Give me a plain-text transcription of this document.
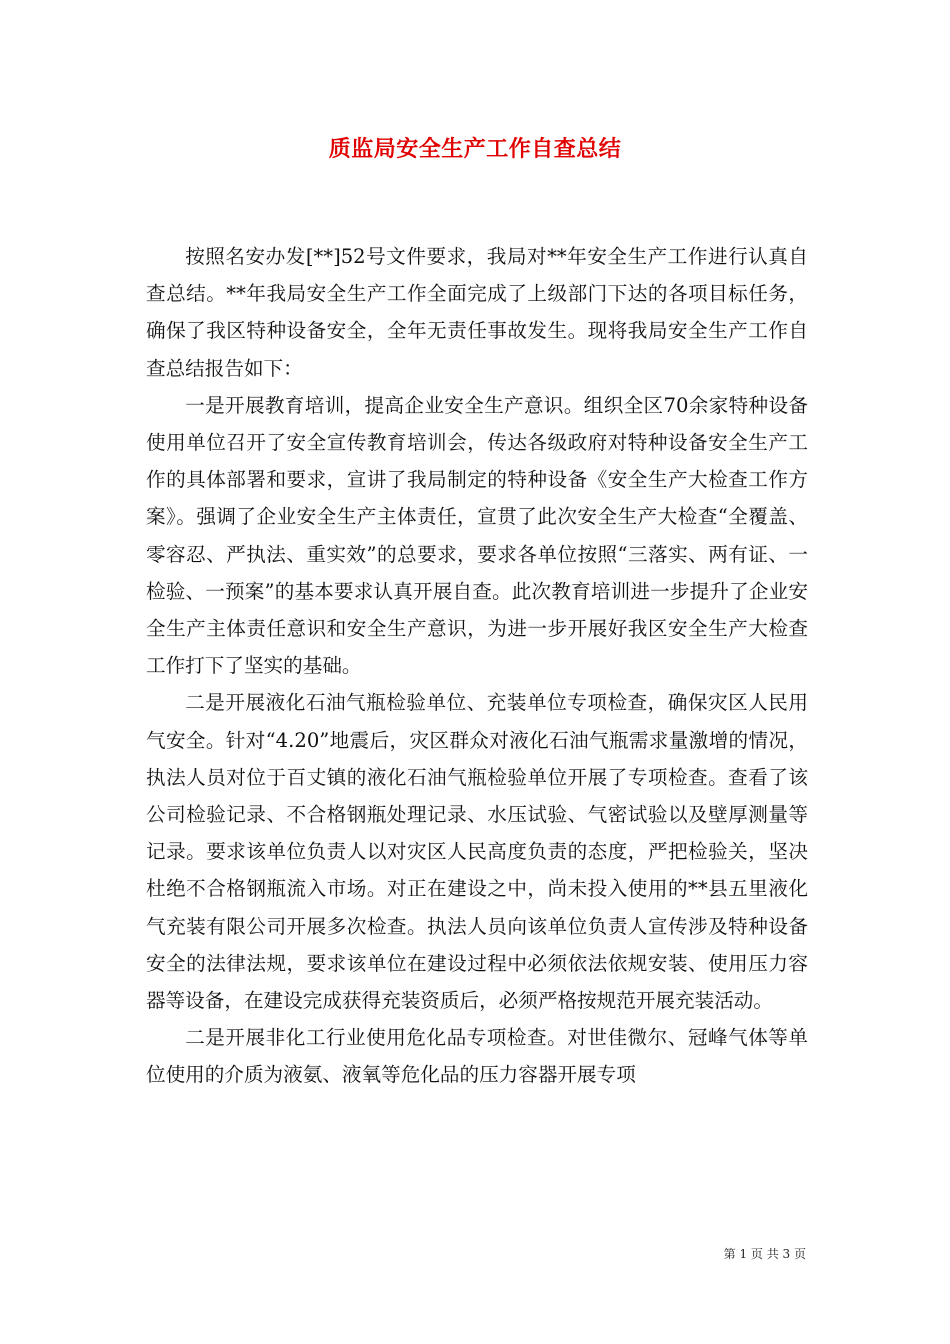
质监局安全生产工作自查总结

按照名安办发[**]52号文件要求，我局对**年安全生产工作进行认真自查总结。**年我局安全生产工作全面完成了上级部门下达的各项目标任务，确保了我区特种设备安全，全年无责任事故发生。现将我局安全生产工作自查总结报告如下：

一是开展教育培训，提高企业安全生产意识。组织全区70余家特种设备使用单位召开了安全宣传教育培训会，传达各级政府对特种设备安全生产工作的具体部署和要求，宣讲了我局制定的特种设备《安全生产大检查工作方案》。强调了企业安全生产主体责任，宣贯了此次安全生产大检查“全覆盖、零容忍、严执法、重实效”的总要求，要求各单位按照“三落实、两有证、一检验、一预案”的基本要求认真开展自查。此次教育培训进一步提升了企业安全生产主体责任意识和安全生产意识，为进一步开展好我区安全生产大检查工作打下了坚实的基础。

二是开展液化石油气瓶检验单位、充装单位专项检查，确保灾区人民用气安全。针对“4.20”地震后，灾区群众对液化石油气瓶需求量激增的情况，执法人员对位于百丈镇的液化石油气瓶检验单位开展了专项检查。查看了该公司检验记录、不合格钢瓶处理记录、水压试验、气密试验以及壁厚测量等记录。要求该单位负责人以对灾区人民高度负责的态度，严把检验关，坚决杜绝不合格钢瓶流入市场。对正在建设之中，尚未投入使用的**县五里液化气充装有限公司开展多次检查。执法人员向该单位负责人宣传涉及特种设备安全的法律法规，要求该单位在建设过程中必须依法依规安装、使用压力容器等设备，在建设完成获得充装资质后，必须严格按规范开展充装活动。

二是开展非化工行业使用危化品专项检查。对世佳微尔、冠峰气体等单位使用的介质为液氨、液氧等危化品的压力容器开展专项

第 1 页 共 3 页
